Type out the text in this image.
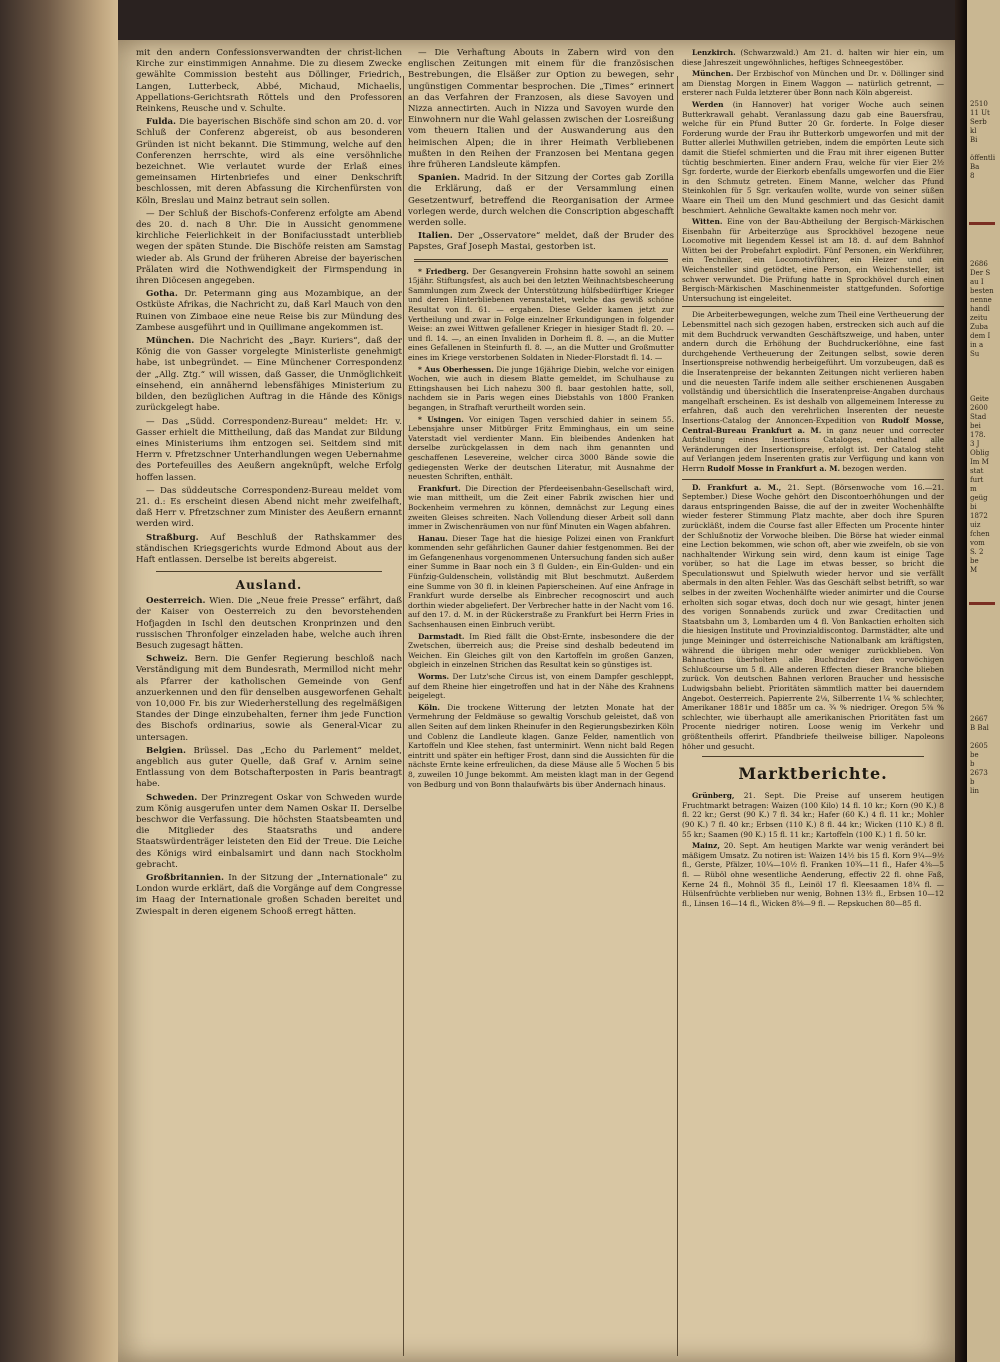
2510
11 Ut
Serb
kl
Bi

öffentli
Ba
8
2686
Der S
au I
besten
nenne
handl
zeitu
Zuba
dem I
in a
Su
Geite
2600
Stad
bei
178.
3 J
Oblig
Im M
stat
furt
m
geüg
bi
1872
uiz
fchen
vom
S. 2
be
M
2667
B Bal

2605
be
b
2673
b
lin

mit den andern Confessionsverwandten der christ-lichen Kirche zur einstimmigen Annahme. Die zu diesem Zwecke gewählte Commission besteht aus Döllinger, Friedrich, Langen, Lutterbeck, Abbé, Michaud, Michaelis, Appellations-Gerichtsrath Röttels und den Professoren Reinkens, Reusche und v. Schulte.

Fulda. Die bayerischen Bischöfe sind schon am 20. d. vor Schluß der Conferenz abgereist, ob aus besonderen Gründen ist nicht bekannt. Die Stimmung, welche auf den Conferenzen herrschte, wird als eine versöhnliche bezeichnet. Wie verlautet wurde der Erlaß eines gemeinsamen Hirtenbriefes und einer Denkschrift beschlossen, mit deren Abfassung die Kirchenfürsten von Köln, Breslau und Mainz betraut sein sollen.

— Der Schluß der Bischofs-Conferenz erfolgte am Abend des 20. d. nach 8 Uhr. Die in Aussicht genommene kirchliche Feierlichkeit in der Bonifaciusstadt unterblieb wegen der späten Stunde. Die Bischöfe reisten am Samstag wieder ab. Als Grund der früheren Abreise der bayerischen Prälaten wird die Nothwendigkeit der Firmspendung in ihren Diöcesen angegeben.

Gotha. Dr. Petermann ging aus Mozambique, an der Ostküste Afrikas, die Nachricht zu, daß Karl Mauch von den Ruinen von Zimbaoe eine neue Reise bis zur Mündung des Zambese ausgeführt und in Quillimane angekommen ist.

München. Die Nachricht des „Bayr. Kuriers“, daß der König die von Gasser vorgelegte Ministerliste genehmigt habe, ist unbegründet. — Eine Münchener Correspondenz der „Allg. Ztg.“ will wissen, daß Gasser, die Unmöglichkeit einsehend, ein annähernd lebensfähiges Ministerium zu bilden, den bezüglichen Auftrag in die Hände des Königs zurückgelegt habe.

— Das „Südd. Correspondenz-Bureau“ meldet: Hr. v. Gasser erhielt die Mittheilung, daß das Mandat zur Bildung eines Ministeriums ihm entzogen sei. Seitdem sind mit Herrn v. Pfretzschner Unterhandlungen wegen Uebernahme des Portefeuilles des Aeußern angeknüpft, welche Erfolg hoffen lassen.

— Das süddeutsche Correspondenz-Bureau meldet vom 21. d.: Es erscheint diesen Abend nicht mehr zweifelhaft, daß Herr v. Pfretzschner zum Minister des Aeußern ernannt werden wird.

Straßburg. Auf Beschluß der Rathskammer des ständischen Kriegsgerichts wurde Edmond About aus der Haft entlassen. Derselbe ist bereits abgereist.

Ausland.

Oesterreich. Wien. Die „Neue freie Presse“ erfährt, daß der Kaiser von Oesterreich zu den bevorstehenden Hofjagden in Ischl den deutschen Kronprinzen und den russischen Thronfolger einzeladen habe, welche auch ihren Besuch zugesagt hätten.

Schweiz. Bern. Die Genfer Regierung beschloß nach Verständigung mit dem Bundesrath, Mermillod nicht mehr als Pfarrer der katholischen Gemeinde von Genf anzuerkennen und den für denselben ausgeworfenen Gehalt von 10,000 Fr. bis zur Wiederherstellung des regelmäßigen Standes der Dinge einzubehalten, ferner ihm jede Function des Bischofs ordinarius, sowie als General-Vicar zu untersagen.

Belgien. Brüssel. Das „Echo du Parlement“ meldet, angeblich aus guter Quelle, daß Graf v. Arnim seine Entlassung von dem Botschafterposten in Paris beantragt habe.

Schweden. Der Prinzregent Oskar von Schweden wurde zum König ausgerufen unter dem Namen Oskar II. Derselbe beschwor die Verfassung. Die höchsten Staatsbeamten und die Mitglieder des Staatsraths und andere Staatswürdenträger leisteten den Eid der Treue. Die Leiche des Königs wird einbalsamirt und dann nach Stockholm gebracht.

Großbritannien. In der Sitzung der „Internationale“ zu London wurde erklärt, daß die Vorgänge auf dem Congresse im Haag der Internationale großen Schaden bereitet und Zwiespalt in deren eigenem Schooß erregt hätten.

— Die Verhaftung Abouts in Zabern wird von den englischen Zeitungen mit einem für die französischen Bestrebungen, die Elsäßer zur Option zu bewegen, sehr ungünstigen Commentar besprochen. Die „Times“ erinnert an das Verfahren der Franzosen, als diese Savoyen und Nizza annectirten. Auch in Nizza und Savoyen wurde den Einwohnern nur die Wahl gelassen zwischen der Losreißung vom theuern Italien und der Auswanderung aus den heimischen Alpen; die in ihrer Heimath Verbliebenen mußten in den Reihen der Franzosen bei Mentana gegen ihre früheren Landsleute kämpfen.

Spanien. Madrid. In der Sitzung der Cortes gab Zorilla die Erklärung, daß er der Versammlung einen Gesetzentwurf, betreffend die Reorganisation der Armee vorlegen werde, durch welchen die Conscription abgeschafft werden solle.

Italien. Der „Osservatore“ meldet, daß der Bruder des Papstes, Graf Joseph Mastai, gestorben ist.

* Friedberg. Der Gesangverein Frohsinn hatte sowohl an seinem 15jähr. Stiftungsfest, als auch bei den letzten Weihnachtsbescheerung Sammlungen zum Zweck der Unterstützung hülfsbedürftiger Krieger und deren Hinterbliebenen veranstaltet, welche das gewiß schöne Resultat von fl. 61. — ergaben. Diese Gelder kamen jetzt zur Vertheilung und zwar in Folge einzelner Erkundigungen in folgender Weise: an zwei Wittwen gefallener Krieger in hiesiger Stadt fl. 20. — und fl. 14. —, an einen Invaliden in Dorheim fl. 8. —, an die Mutter eines Gefallenen in Steinfurth fl. 8. —, an die Mutter und Großmutter eines im Kriege verstorbenen Soldaten in Nieder-Florstadt fl. 14. —

* Aus Oberhessen. Die junge 16jährige Diebin, welche vor einigen Wochen, wie auch in diesem Blatte gemeldet, im Schulhause zu Ettingshausen bei Lich nahezu 300 fl. baar gestohlen hatte, soll, nachdem sie in Paris wegen eines Diebstahls von 1800 Franken begangen, in Strafhaft verurtheilt worden sein.

* Usingen. Vor einigen Tagen verschied dahier in seinem 55. Lebensjahre unser Mitbürger Fritz Emminghaus, ein um seine Vaterstadt viel verdienter Mann. Ein bleibendes Andenken hat derselbe zurückgelassen in dem nach ihm genannten und geschaffenen Lesevereine, welcher circa 3000 Bände sowie die gediegensten Werke der deutschen Literatur, mit Ausnahme der neuesten Schriften, enthält.

Frankfurt. Die Direction der Pferdeeisenbahn-Gesellschaft wird, wie man mittheilt, um die Zeit einer Fabrik zwischen hier und Bockenheim vermehren zu können, demnächst zur Legung eines zweiten Gleises schreiten. Nach Vollendung dieser Arbeit soll dann immer in Zwischenräumen von nur fünf Minuten ein Wagen abfahren.

Hanau. Dieser Tage hat die hiesige Polizei einen von Frankfurt kommenden sehr gefährlichen Gauner dahier festgenommen. Bei der im Gefangenenhaus vorgenommenen Untersuchung fanden sich außer einer Summe in Baar noch ein 3 fl Gulden-, ein Ein-Gulden- und ein Fünfzig-Guldenschein, vollständig mit Blut beschmutzt. Außerdem eine Summe von 30 fl. in kleinen Papierscheinen. Auf eine Anfrage in Frankfurt wurde derselbe als Einbrecher recognoscirt und auch dorthin wieder abgeliefert. Der Verbrecher hatte in der Nacht vom 16. auf den 17. d. M. in der Rückerstraße zu Frankfurt bei Herrn Fries in Sachsenhausen einen Einbruch verübt.

Darmstadt. Im Ried fällt die Obst-Ernte, insbesondere die der Zwetschen, überreich aus; die Preise sind deshalb bedeutend im Weichen. Ein Gleiches gilt von den Kartoffeln im großen Ganzen, obgleich in einzelnen Strichen das Resultat kein so günstiges ist.

Worms. Der Lutz'sche Circus ist, von einem Dampfer geschleppt, auf dem Rheine hier eingetroffen und hat in der Nähe des Krahnens beigelegt.

Köln. Die trockene Witterung der letzten Monate hat der Vermehrung der Feldmäuse so gewaltig Vorschub geleistet, daß von allen Seiten auf dem linken Rheinufer in den Regierungsbezirken Köln und Coblenz die Landleute klagen. Ganze Felder, namentlich von Kartoffeln und Klee stehen, fast unterminirt. Wenn nicht bald Regen eintritt und später ein heftiger Frost, dann sind die Aussichten für die nächste Ernte keine erfreulichen, da diese Mäuse alle 5 Wochen 5 bis 8, zuweilen 10 Junge bekommt. Am meisten klagt man in der Gegend von Bedburg und von Bonn thalaufwärts bis über Andernach hinaus.

Lenzkirch. (Schwarzwald.) Am 21. d. halten wir hier ein, um diese Jahreszeit ungewöhnliches, heftiges Schneegestöber.

München. Der Erzbischof von München und Dr. v. Döllinger sind am Dienstag Morgen in Einem Waggon — natürlich getrennt, — ersterer nach Fulda letzterer über Bonn nach Köln abgereist.

Werden (in Hannover) hat voriger Woche auch seinen Butterkrawall gehabt. Veranlassung dazu gab eine Bauersfrau, welche für ein Pfund Butter 20 Gr. forderte. In Folge dieser Forderung wurde der Frau ihr Butterkorb umgeworfen und mit der Butter allerlei Muthwillen getrieben, indem die empörten Leute sich damit die Stiefel schmierten und die Frau mit ihrer eigenen Butter tüchtig beschmierten. Einer andern Frau, welche für vier Eier 2½ Sgr. forderte, wurde der Eierkorb ebenfalls umgeworfen und die Eier in den Schmutz getreten. Einem Manne, welcher das Pfund Steinkohlen für 5 Sgr. verkaufen wollte, wurde von seiner süßen Waare ein Theil um den Mund geschmiert und das Gesicht damit beschmiert. Aehnliche Gewaltakte kamen noch mehr vor.

Witten. Eine von der Bau-Abtheilung der Bergisch-Märkischen Eisenbahn für Arbeiterzüge aus Sprockhövel bezogene neue Locomotive mit liegendem Kessel ist am 18. d. auf dem Bahnhof Witten bei der Probefahrt explodirt. Fünf Personen, ein Werkführer, ein Techniker, ein Locomotivführer, ein Heizer und ein Weichensteller sind getödtet, eine Person, ein Weichensteller, ist schwer verwundet. Die Prüfung hatte in Sprockhövel durch einen Bergisch-Märkischen Maschinenmeister stattgefunden. Sofortige Untersuchung ist eingeleitet.

Die Arbeiterbewegungen, welche zum Theil eine Vertheuerung der Lebensmittel nach sich gezogen haben, erstrecken sich auch auf die mit dem Buchdruck verwandten Geschäftszweige, und haben, unter andern durch die Erhöhung der Buchdruckerlöhne, eine fast durchgehende Vertheuerung der Zeitungen selbst, sowie deren Insertionspreise nothwendig herbeigeführt. Um vorzubeugen, daß es die Inseratenpreise der bekannten Zeitungen nicht verlieren haben und die neuesten Tarife indem alle seither erschienenen Ausgaben vollständig und übersichtlich die Inseratenpreise-Angaben durchaus mangelhaft erscheinen. Es ist deshalb von allgemeinem Interesse zu erfahren, daß auch den verehrlichen Inserenten der neueste Insertions-Catalog der Annoncen-Expedition von Rudolf Mosse, Central-Bureau Frankfurt a. M. in ganz neuer und correcter Aufstellung eines Insertions Cataloges, enthaltend alle Veränderungen der Insertionspreise, erfolgt ist. Der Catalog steht auf Verlangen jedem Inserenten gratis zur Verfügung und kann von Herrn Rudolf Mosse in Frankfurt a. M. bezogen werden.

D. Frankfurt a. M., 21. Sept. (Börsenwoche vom 16.—21. September.) Diese Woche gehört den Discontoerhöhungen und der daraus entspringenden Baisse, die auf der in zweiter Wochenhälfte wieder festerer Stimmung Platz machte, aber doch ihre Spuren zurückläßt, indem die Course fast aller Effecten um Procente hinter der Schlußnotiz der Vorwoche bleiben. Die Börse hat wieder einmal eine Lection bekommen, wie schon oft, aber wie zweifeln, ob sie von nachhaltender Wirkung sein wird, denn kaum ist einige Tage vorüber, so hat die Lage im etwas besser, so bricht die Speculationswut und Spielwuth wieder hervor und sie verfällt abermals in den alten Fehler. Was das Geschäft selbst betrifft, so war selbes in der zweiten Wochenhälfte wieder animirter und die Course erholten sich sogar etwas, doch doch nur wie gesagt, hinter jenen des vorigen Sonnabends zurück und zwar Creditactien und Staatsbahn um 3, Lombarden um 4 fl. Von Bankactien erholten sich die hiesigen Institute und Provinzialdiscontog. Darmstädter, alte und junge Meininger und österreichische Nationalbank am kräftigsten, während die übrigen mehr oder weniger zurückblieben. Von Bahnactien überholten alle Buchdrader den vorwöchigen Schlußcourse um 5 fl. Alle anderen Effecten dieser Branche blieben zurück. Von deutschen Bahnen verloren Braucher und hessische Ludwigsbahn beliebt. Prioritäten sämmtlich matter bei dauerndem Angebot. Oesterreich. Papierrente 2⅛, Silberrente 1¼ % schlechter, Amerikaner 1881r und 1885r um ca. ¾ % niedriger. Oregon 5⅜ % schlechter, wie überhaupt alle amerikanischen Prioritäten fast um Procente niedriger notiren. Loose wenig im Verkehr und größtentheils offerirt. Pfandbriefe theilweise billiger. Napoleons höher und gesucht.

Marktberichte.

Grünberg, 21. Sept. Die Preise auf unserem heutigen Fruchtmarkt betragen: Waizen (100 Kilo) 14 fl. 10 kr.; Korn (90 K.) 8 fl. 22 kr.; Gerst (90 K.) 7 fl. 34 kr.; Hafer (60 K.) 4 fl. 11 kr.; Mohler (90 K.) 7 fl. 40 kr.; Erbsen (110 K.) 8 fl. 44 kr.; Wicken (110 K.) 8 fl. 55 kr.; Saamen (90 K.) 15 fl. 11 kr.; Kartoffeln (100 K.) 1 fl. 50 kr.

Mainz, 20. Sept. Am heutigen Markte war wenig verändert bei mäßigem Umsatz. Zu notiren ist: Waizen 14½ bis 15 fl. Korn 9¼—9½ fl., Gerste, Pfälzer, 10¼—10½ fl. Franken 10¾—11 fl., Hafer 4⅜—5 fl. — Rüböl ohne wesentliche Aenderung, effectiv 22 fl. ohne Faß, Kerne 24 fl., Mohnöl 35 fl., Leinöl 17 fl. Kleesaamen 18¼ fl. — Hülsenfrüchte verblieben nur wenig, Bohnen 13½ fl., Erbsen 10—12 fl., Linsen 16—14 fl., Wicken 8⅝—9 fl. — Repskuchen 80—85 fl.
